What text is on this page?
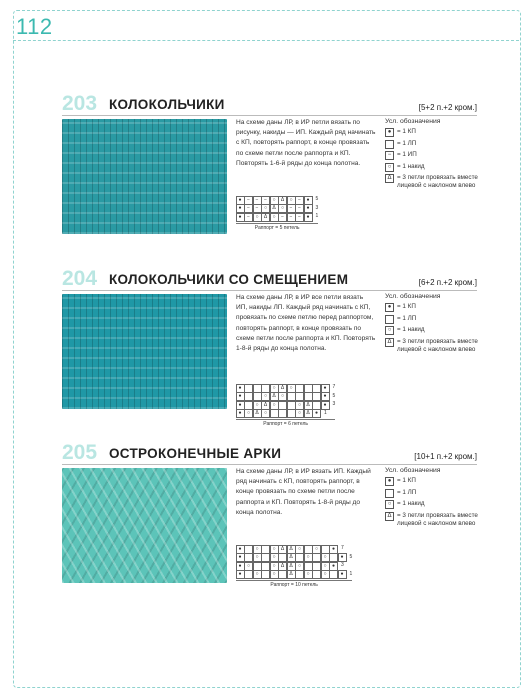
112
203 КОЛОКОЛЬЧИКИ	[5+2 п.+2 кром.]
На схеме даны ЛР, в ИР петли вязать по рисунку, накиды — ИП. Каждый ряд начинать с КП, повторять раппорт, в конце провязать по схеме петли после раппорта и КП. Повторять 1-6-й ряды до конца полотна.
Усл. обозначения
● = 1 КП
= 1 ЛП
− = 1 ИП
○ = 1 накид
Δ = 3 петли провязать вместе лицевой с наклоном влево
204 КОЛОКОЛЬЧИКИ СО СМЕЩЕНИЕМ	[6+2 п.+2 кром.]
На схеме даны ЛР, в ИР все петли вязать ИП, накиды ЛП. Каждый ряд начинать с КП, провязать по схеме петлю перед раппортом, повторять раппорт, в конце провязать по схеме петли после раппорта и КП. Повторять 1-8-й ряды до конца полотна.
Усл. обозначения
● = 1 КП
= 1 ЛП
○ = 1 накид
Δ = 3 петли провязать вместе лицевой с наклоном влево
205 ОСТРОКОНЕЧНЫЕ АРКИ	[10+1 п.+2 кром.]
На схеме даны ЛР, в ИР вязать ИП. Каждый ряд начинать с КП, повторять раппорт, в конце провязать по схеме петли после раппорта и КП. Повторять 1-8-й ряды до конца полотна.
Усл. обозначения
● = 1 КП
= 1 ЛП
○ = 1 накид
Δ = 3 петли провязать вместе лицевой с наклоном влево
●	−	−	−	○	Δ	○	−	●	5
●	−	−	○	Δ	○	−	−	●	3
●	−	○	Δ	○	−	−	−	●	1
Раппорт = 5 петель
●	○	Δ	○	●	7
●	○	Δ	○	●	5
●	○	Δ	○	○	Δ	●	3
●	○	Δ	○	○	Δ	●	1
Раппорт = 6 петель
●	○	○	Δ	Δ	○	○	●	7
●	○	○	Δ	○	○	●	5
●	○	○	Δ	Δ	○	○	●	3
●	○	○	Δ	○	○	●	1
Раппорт = 10 петель
